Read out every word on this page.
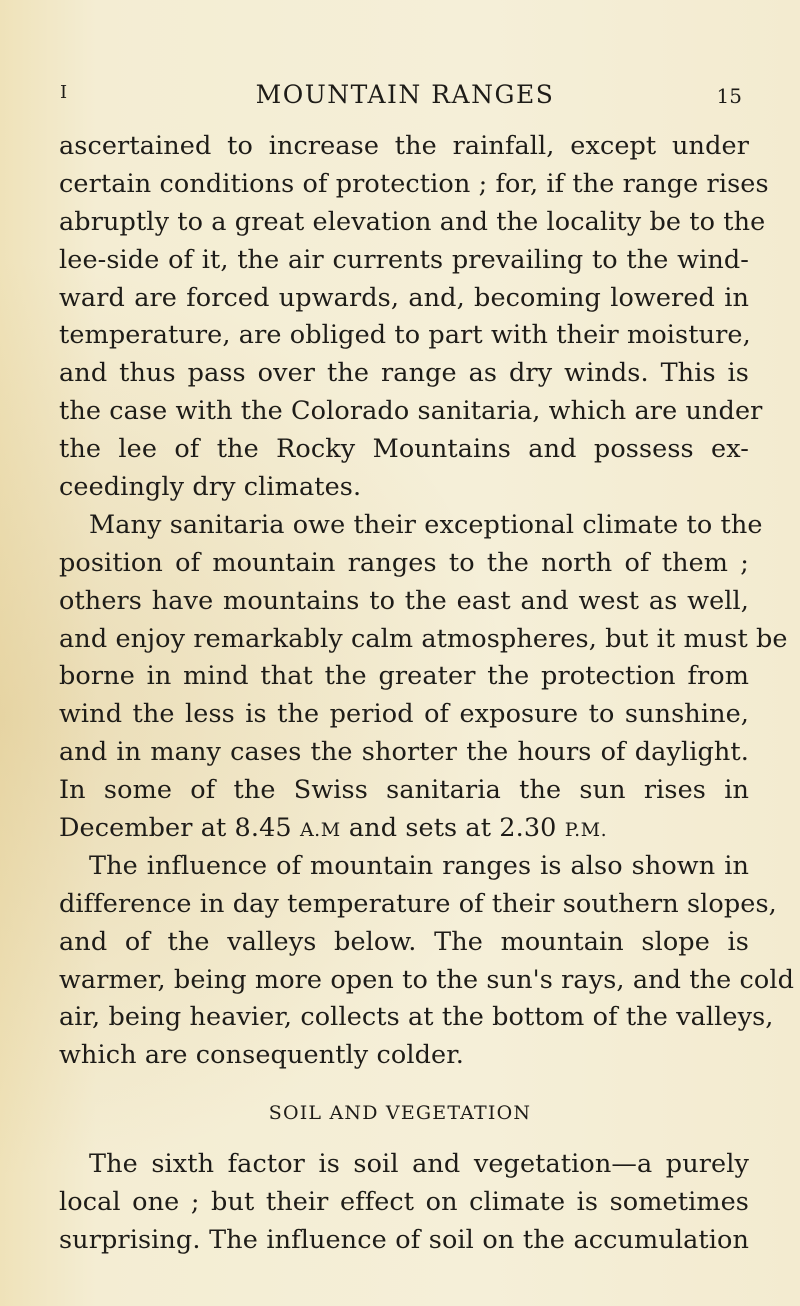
I	MOUNTAIN RANGES	15
ascertained to increase the rainfall, except under
certain conditions of protection ; for, if the range rises
abruptly to a great elevation and the locality be to the
lee-side of it, the air currents prevailing to the wind-
ward are forced upwards, and, becoming lowered in
temperature, are obliged to part with their moisture,
and thus pass over the range as dry winds. This is
the case with the Colorado sanitaria, which are under
the lee of the Rocky Mountains and possess ex-
ceedingly dry climates.
Many sanitaria owe their exceptional climate to the
position of mountain ranges to the north of them ;
others have mountains to the east and west as well,
and enjoy remarkably calm atmospheres, but it must be
borne in mind that the greater the protection from
wind the less is the period of exposure to sunshine,
and in many cases the shorter the hours of daylight.
In some of the Swiss sanitaria the sun rises in
December at 8.45 A.M and sets at 2.30 P.M.
The influence of mountain ranges is also shown in
difference in day temperature of their southern slopes,
and of the valleys below. The mountain slope is
warmer, being more open to the sun's rays, and the cold
air, being heavier, collects at the bottom of the valleys,
which are consequently colder.
SOIL AND VEGETATION
The sixth factor is soil and vegetation—a purely
local one ; but their effect on climate is sometimes
surprising. The influence of soil on the accumulation
